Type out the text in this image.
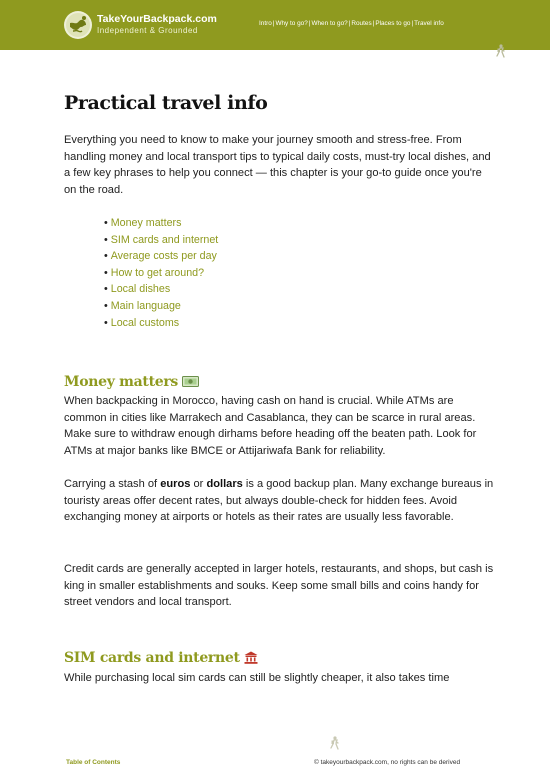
TakeYourBackpack.com
Independent & Grounded
Intro|Why to go?|When to go?|Routes|Places to go|Travel info
Practical travel info

Everything you need to know to make your journey smooth and stress-free. From handling money and local transport tips to typical daily costs, must-try local dishes, and a few key phrases to help you connect — this chapter is your go-to guide once you're on the road.

• Money matters
• SIM cards and internet
• Average costs per day
• How to get around?
• Local dishes
• Main language
• Local customs
Money matters

When backpacking in Morocco, having cash on hand is crucial. While ATMs are common in cities like Marrakech and Casablanca, they can be scarce in rural areas. Make sure to withdraw enough dirhams before heading off the beaten path. Look for ATMs at major banks like BMCE or Attijariwafa Bank for reliability.

Carrying a stash of euros or dollars is a good backup plan. Many exchange bureaus in touristy areas offer decent rates, but always double-check for hidden fees. Avoid exchanging money at airports or hotels as their rates are usually less favorable.

Credit cards are generally accepted in larger hotels, restaurants, and shops, but cash is king in smaller establishments and souks. Keep some small bills and coins handy for street vendors and local transport.

SIM cards and internet

While purchasing local sim cards can still be slightly cheaper, it also takes time

Table of Contents	© takeyourbackpack.com, no rights can be derived
